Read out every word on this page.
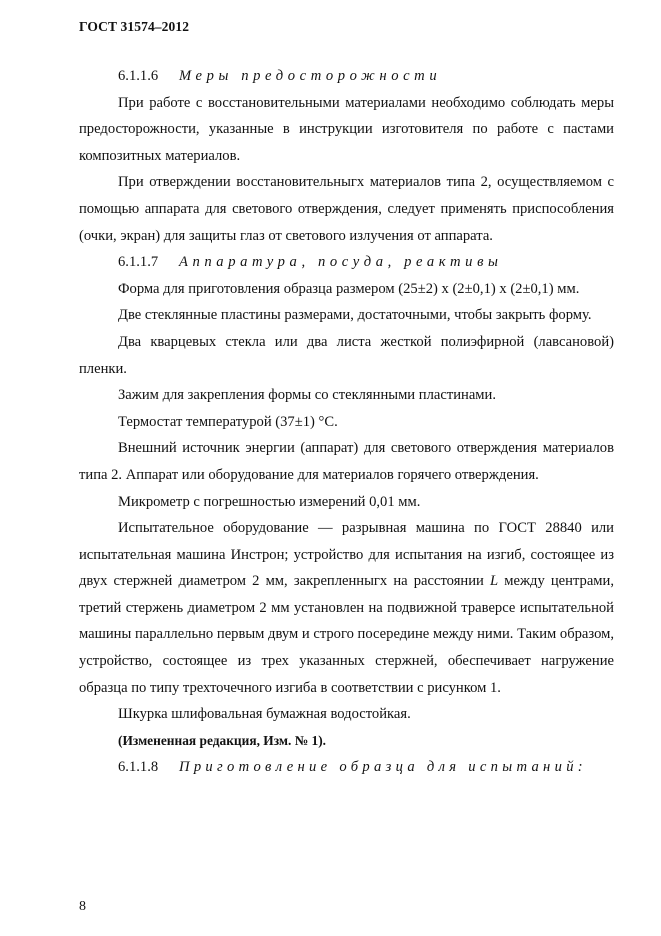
ГОСТ 31574–2012

6.1.1.6 Меры предосторожности

При работе с восстановительными материалами необходимо соблюдать меры предосторожности, указанные в инструкции изготовителя по работе с пастами композитных материалов.

При отверждении восстановительныгх материалов типа 2, осуществляемом с помощью аппарата для светового отверждения, следует применять приспособления (очки, экран) для защиты глаз от светового излучения от аппарата.

6.1.1.7 Аппаратура, посуда, реактивы

Форма для приготовления образца размером (25±2) х (2±0,1) х (2±0,1) мм.

Две стеклянные пластины размерами, достаточными, чтобы закрыть форму.

Два кварцевых стекла или два листа жесткой полиэфирной (лавсановой) пленки.

Зажим для закрепления формы со стеклянными пластинами.

Термостат температурой (37±1) °С.

Внешний источник энергии (аппарат) для светового отверждения материалов типа 2. Аппарат или оборудование для материалов горячего отверждения.

Микрометр с погрешностью измерений 0,01 мм.

Испытательное оборудование — разрывная машина по ГОСТ 28840 или испытательная машина Инстрон; устройство для испытания на изгиб, состоящее из двух стержней диаметром 2 мм, закрепленныгх на расстоянии L между центрами, третий стержень диаметром 2 мм установлен на подвижной траверсе испытательной машины параллельно первым двум и строго посередине между ними. Таким образом, устройство, состоящее из трех указанных стержней, обеспечивает нагружение образца по типу трехточечного изгиба в соответствии с рисунком 1.

Шкурка шлифовальная бумажная водостойкая.

(Измененная редакция, Изм. № 1).

6.1.1.8 Приготовление образца для испытаний:

8
